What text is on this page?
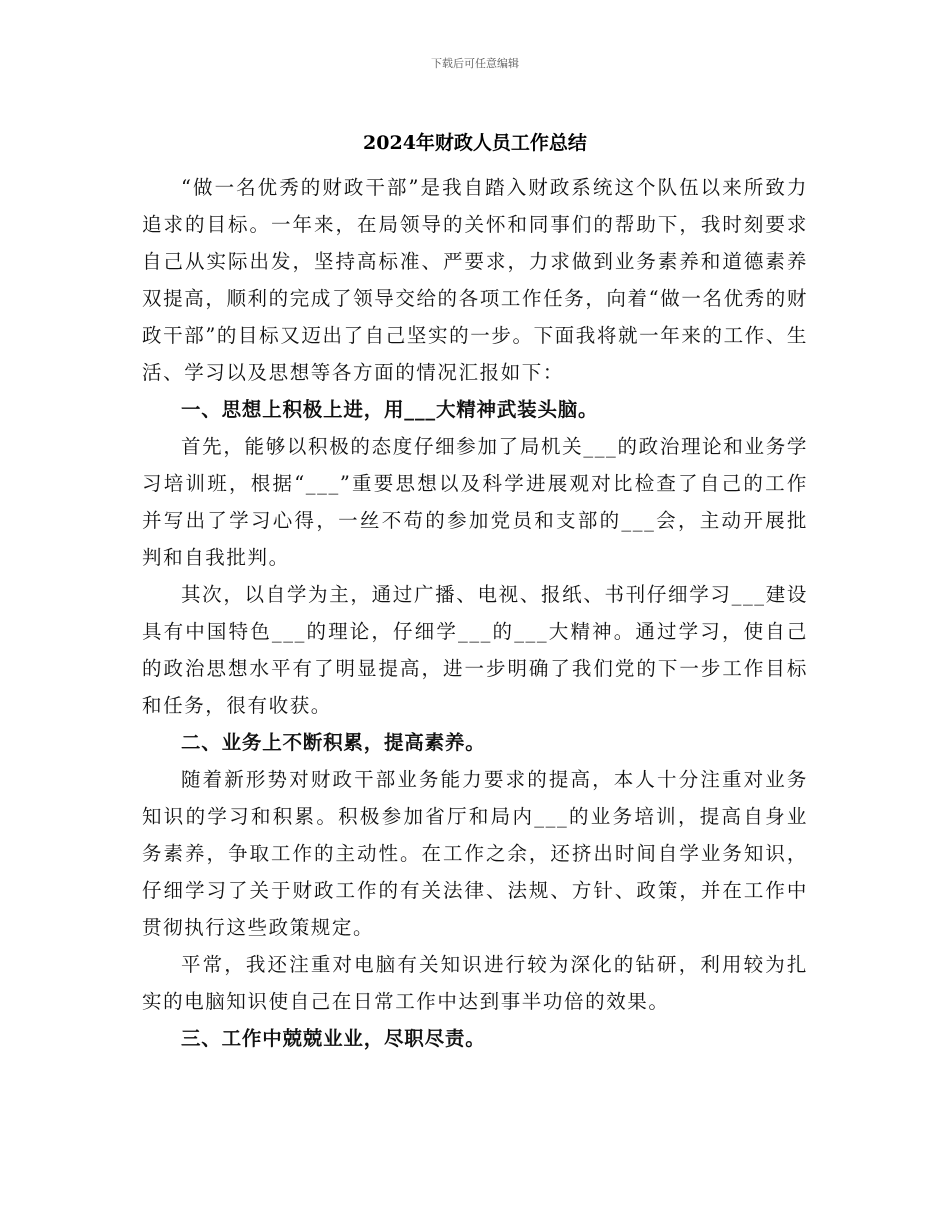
下载后可任意编辑
2024年财政人员工作总结

“做一名优秀的财政干部”是我自踏入财政系统这个队伍以来所致力追求的目标。一年来，在局领导的关怀和同事们的帮助下，我时刻要求自己从实际出发，坚持高标准、严要求，力求做到业务素养和道德素养双提高，顺利的完成了领导交给的各项工作任务，向着“做一名优秀的财政干部”的目标又迈出了自己坚实的一步。下面我将就一年来的工作、生活、学习以及思想等各方面的情况汇报如下：

一、思想上积极上进，用___大精神武装头脑。

首先，能够以积极的态度仔细参加了局机关___的政治理论和业务学习培训班，根据“___”重要思想以及科学进展观对比检查了自己的工作并写出了学习心得，一丝不苟的参加党员和支部的___会，主动开展批判和自我批判。

其次，以自学为主，通过广播、电视、报纸、书刊仔细学习___建设具有中国特色___的理论，仔细学___的___大精神。通过学习，使自己的政治思想水平有了明显提高，进一步明确了我们党的下一步工作目标和任务，很有收获。

二、业务上不断积累，提高素养。

随着新形势对财政干部业务能力要求的提高，本人十分注重对业务知识的学习和积累。积极参加省厅和局内___的业务培训，提高自身业务素养，争取工作的主动性。在工作之余，还挤出时间自学业务知识，仔细学习了关于财政工作的有关法律、法规、方针、政策，并在工作中贯彻执行这些政策规定。

平常，我还注重对电脑有关知识进行较为深化的钻研，利用较为扎实的电脑知识使自己在日常工作中达到事半功倍的效果。

三、工作中兢兢业业，尽职尽责。
